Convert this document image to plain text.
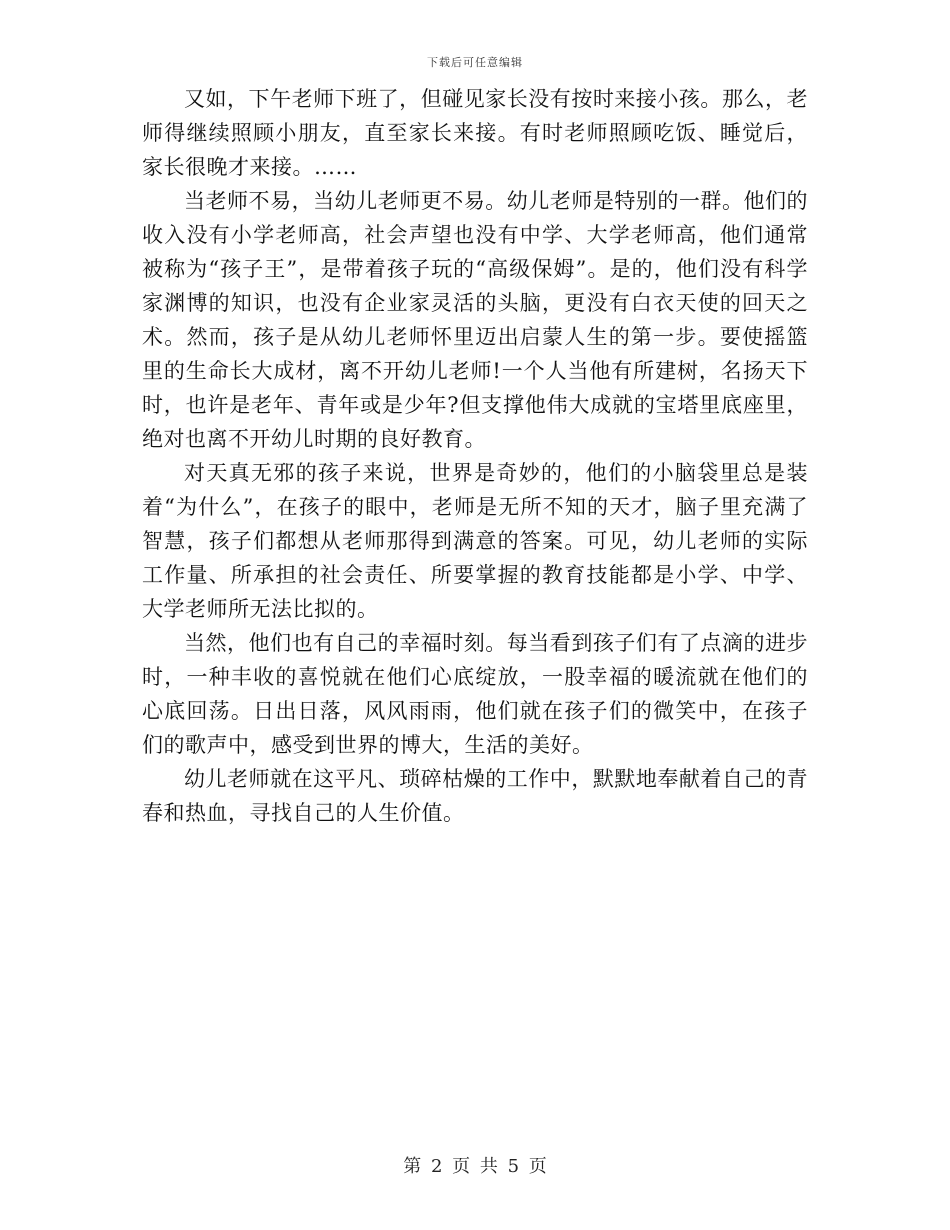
下载后可任意编辑

又如，下午老师下班了，但碰见家长没有按时来接小孩。那么，老师得继续照顾小朋友，直至家长来接。有时老师照顾吃饭、睡觉后，家长很晚才来接。……

当老师不易，当幼儿老师更不易。幼儿老师是特别的一群。他们的收入没有小学老师高，社会声望也没有中学、大学老师高，他们通常被称为“孩子王”，是带着孩子玩的“高级保姆”。是的，他们没有科学家渊博的知识，也没有企业家灵活的头脑，更没有白衣天使的回天之术。然而，孩子是从幼儿老师怀里迈出启蒙人生的第一步。要使摇篮里的生命长大成材，离不开幼儿老师!一个人当他有所建树，名扬天下时，也许是老年、青年或是少年?但支撑他伟大成就的宝塔里底座里，绝对也离不开幼儿时期的良好教育。

对天真无邪的孩子来说，世界是奇妙的，他们的小脑袋里总是装着“为什么”，在孩子的眼中，老师是无所不知的天才，脑子里充满了智慧，孩子们都想从老师那得到满意的答案。可见，幼儿老师的实际工作量、所承担的社会责任、所要掌握的教育技能都是小学、中学、大学老师所无法比拟的。

当然，他们也有自己的幸福时刻。每当看到孩子们有了点滴的进步时，一种丰收的喜悦就在他们心底绽放，一股幸福的暖流就在他们的心底回荡。日出日落，风风雨雨，他们就在孩子们的微笑中，在孩子们的歌声中，感受到世界的博大，生活的美好。

幼儿老师就在这平凡、琐碎枯燥的工作中，默默地奉献着自己的青春和热血，寻找自己的人生价值。

第 2 页 共 5 页
